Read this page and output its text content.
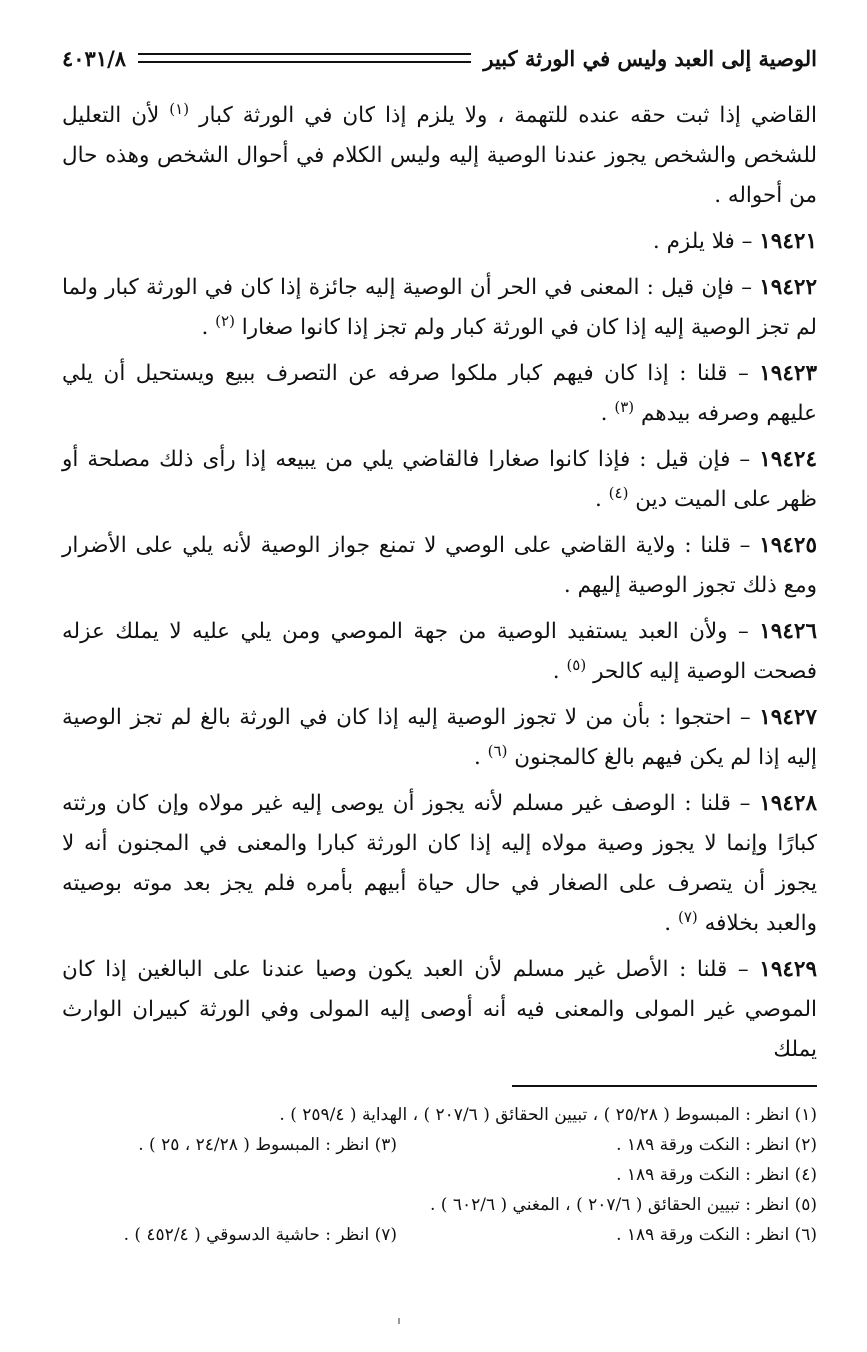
الوصية إلى العبد وليس في الورثة كبير
٤٠٣١/٨

القاضي إذا ثبت حقه عنده للتهمة ، ولا يلزم إذا كان في الورثة كبار $^{(١)}$ لأن التعليل للشخص والشخص يجوز عندنا الوصية إليه وليس الكلام في أحوال الشخص وهذه حال من أحواله .

١٩٤٢١ – فلا يلزم .

١٩٤٢٢ – فإن قيل : المعنى في الحر أن الوصية إليه جائزة إذا كان في الورثة كبار ولما لم تجز الوصية إليه إذا كان في الورثة كبار ولم تجز إذا كانوا صغارا $^{(٢)}$ .

١٩٤٢٣ – قلنا : إذا كان فيهم كبار ملكوا صرفه عن التصرف ببيع ويستحيل أن يلي عليهم وصرفه بيدهم $^{(٣)}$ .

١٩٤٢٤ – فإن قيل : فإذا كانوا صغارا فالقاضي يلي من يبيعه إذا رأى ذلك مصلحة أو ظهر على الميت دين $^{(٤)}$ .

١٩٤٢٥ – قلنا : ولاية القاضي على الوصي لا تمنع جواز الوصية لأنه يلي على الأضرار ومع ذلك تجوز الوصية إليهم .

١٩٤٢٦ – ولأن العبد يستفيد الوصية من جهة الموصي ومن يلي عليه لا يملك عزله فصحت الوصية إليه كالحر $^{(٥)}$ .

١٩٤٢٧ – احتجوا : بأن من لا تجوز الوصية إليه إذا كان في الورثة بالغ لم تجز الوصية إليه إذا لم يكن فيهم بالغ كالمجنون $^{(٦)}$ .

١٩٤٢٨ – قلنا : الوصف غير مسلم لأنه يجوز أن يوصى إليه غير مولاه وإن كان ورثته كبارًا وإنما لا يجوز وصية مولاه إليه إذا كان الورثة كبارا والمعنى في المجنون أنه لا يجوز أن يتصرف على الصغار في حال حياة أبيهم بأمره فلم يجز بعد موته بوصيته والعبد بخلافه $^{(٧)}$ .

١٩٤٢٩ – قلنا : الأصل غير مسلم لأن العبد يكون وصيا عندنا على البالغين إذا كان الموصي غير المولى والمعنى فيه أنه أوصى إليه المولى وفي الورثة كبيران الوارث يملك

(١) انظر : المبسوط ( ٢٥/٢٨ ) ، تبيين الحقائق ( ٢٠٧/٦ ) ، الهداية ( ٢٥٩/٤ ) .
(٢) انظر : النكت ورقة ١٨٩ .
(٣) انظر : المبسوط ( ٢٤/٢٨ ، ٢٥ ) .
(٤) انظر : النكت ورقة ١٨٩ .
(٥) انظر : تبيين الحقائق ( ٢٠٧/٦ ) ، المغني ( ٦٠٢/٦ ) .
(٦) انظر : النكت ورقة ١٨٩ .
(٧) انظر : حاشية الدسوقي ( ٤٥٢/٤ ) .
